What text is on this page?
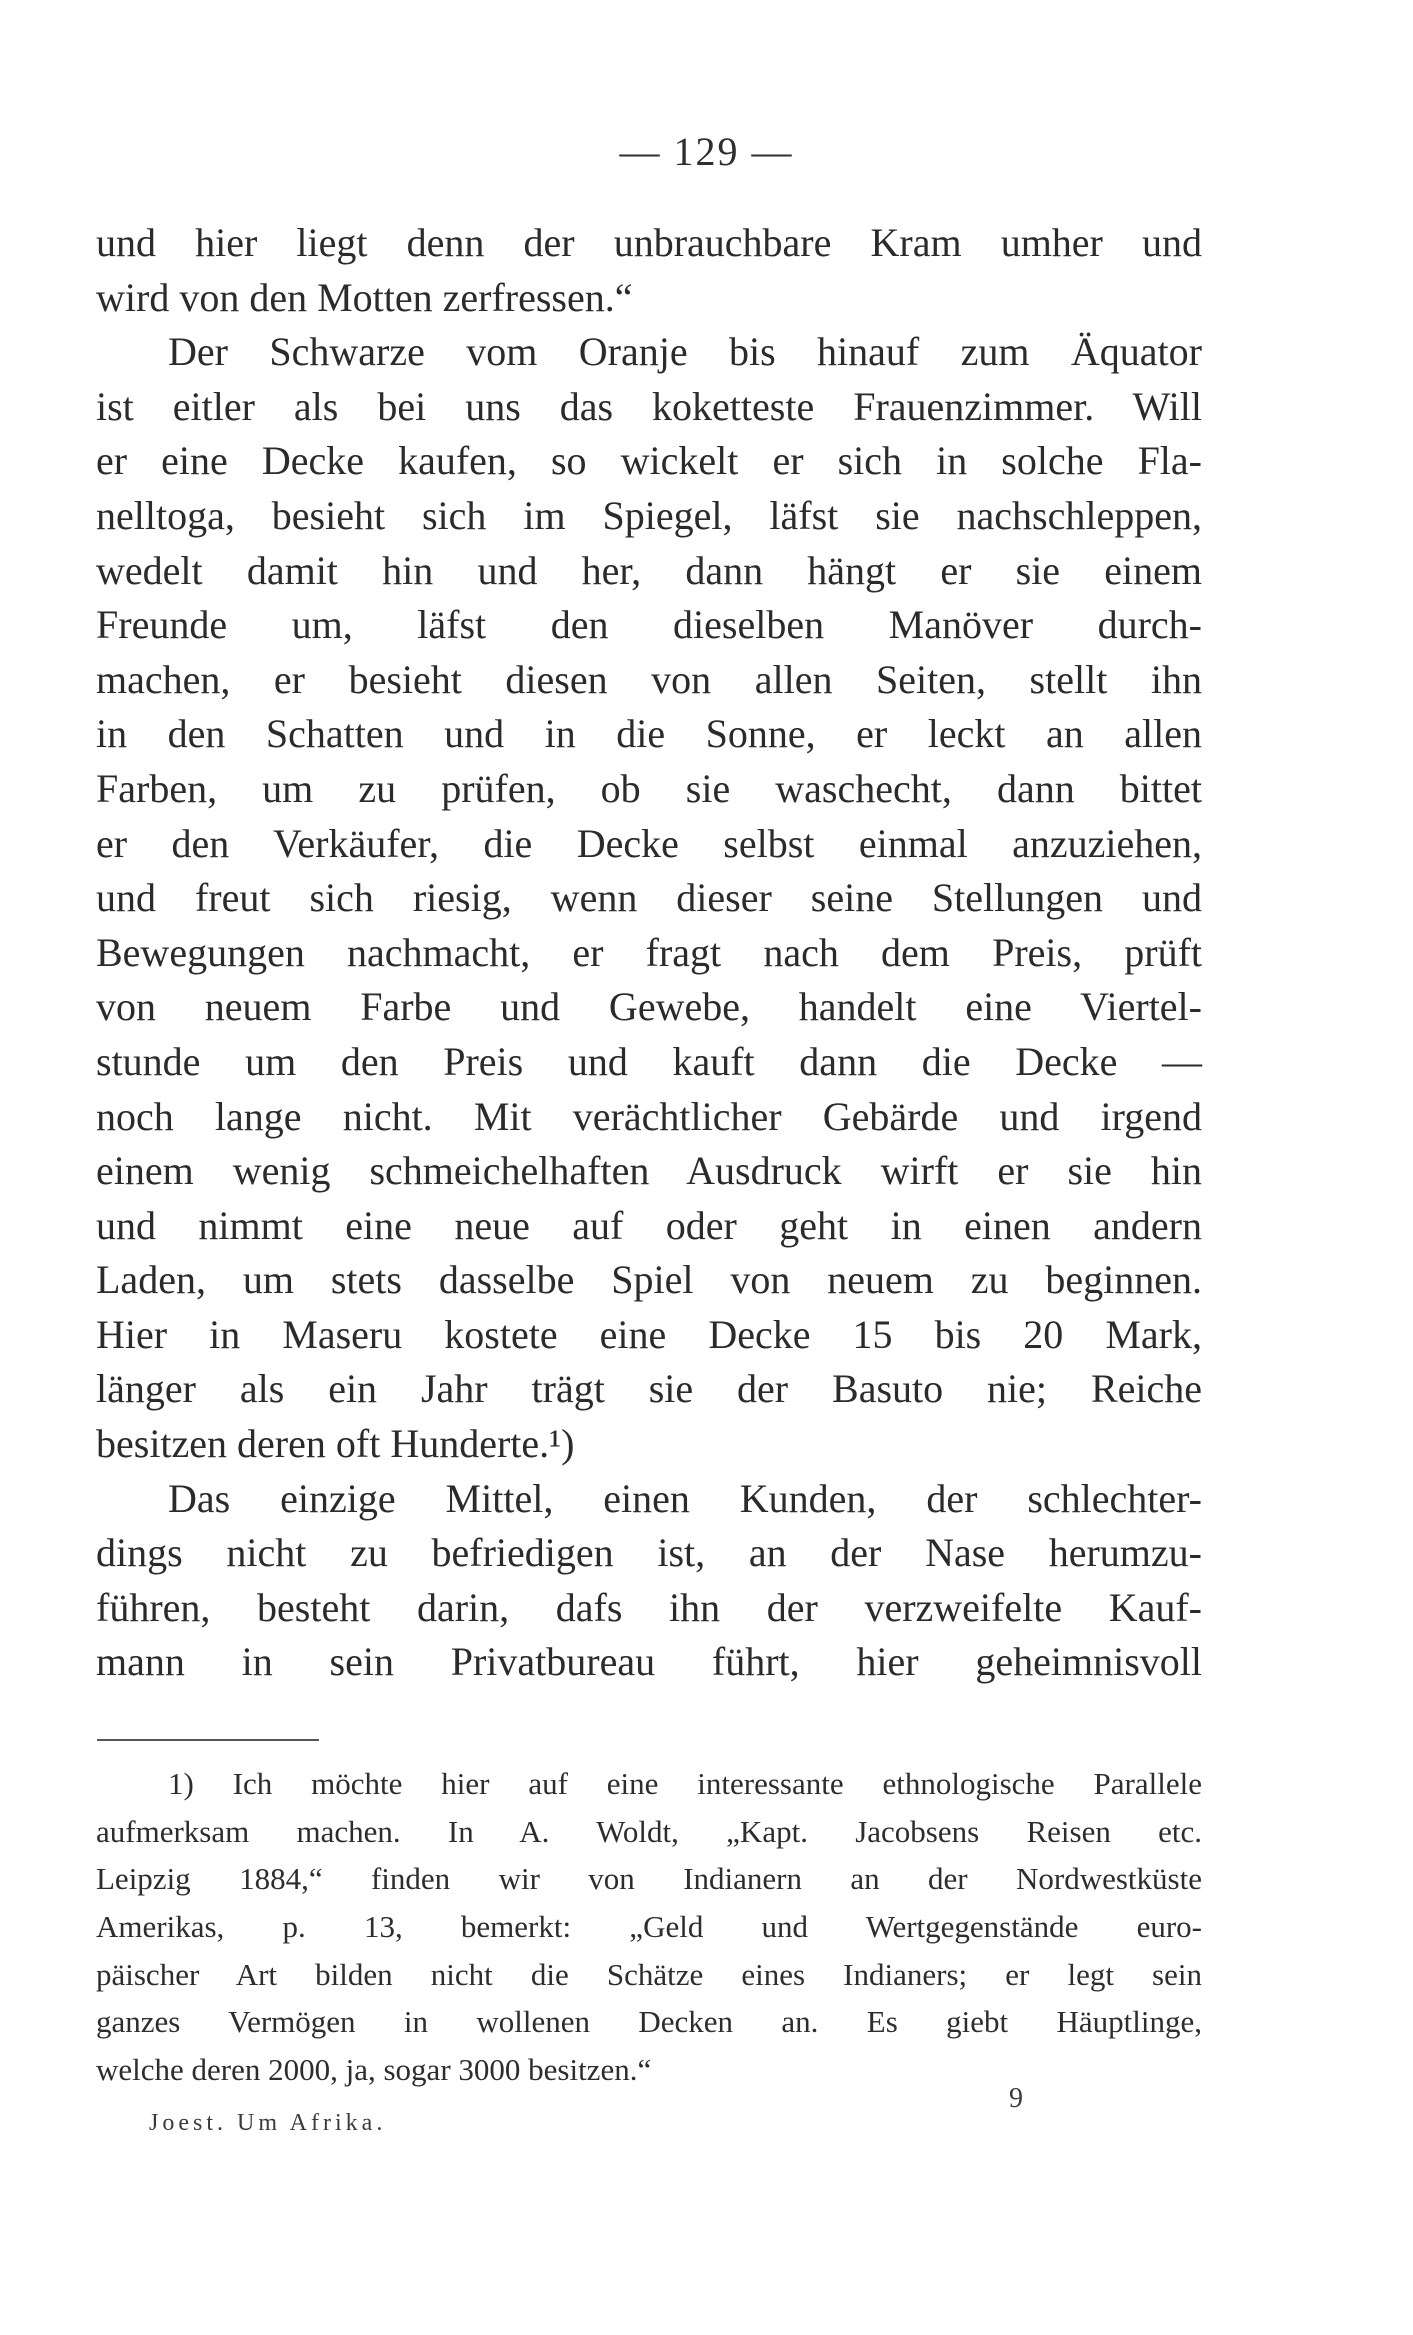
— 129 —
und hier liegt denn der unbrauchbare Kram umher und
wird von den Motten zerfressen.“
Der Schwarze vom Oranje bis hinauf zum Äquator
ist eitler als bei uns das koketteste Frauenzimmer. Will
er eine Decke kaufen, so wickelt er sich in solche Fla-
nelltoga, besieht sich im Spiegel, läfst sie nachschleppen,
wedelt damit hin und her, dann hängt er sie einem
Freunde um, läfst den dieselben Manöver durch-
machen, er besieht diesen von allen Seiten, stellt ihn
in den Schatten und in die Sonne, er leckt an allen
Farben, um zu prüfen, ob sie waschecht, dann bittet
er den Verkäufer, die Decke selbst einmal anzuziehen,
und freut sich riesig, wenn dieser seine Stellungen und
Bewegungen nachmacht, er fragt nach dem Preis, prüft
von neuem Farbe und Gewebe, handelt eine Viertel-
stunde um den Preis und kauft dann die Decke —
noch lange nicht. Mit verächtlicher Gebärde und irgend
einem wenig schmeichelhaften Ausdruck wirft er sie hin
und nimmt eine neue auf oder geht in einen andern
Laden, um stets dasselbe Spiel von neuem zu beginnen.
Hier in Maseru kostete eine Decke 15 bis 20 Mark,
länger als ein Jahr trägt sie der Basuto nie; Reiche
besitzen deren oft Hunderte.¹)
Das einzige Mittel, einen Kunden, der schlechter-
dings nicht zu befriedigen ist, an der Nase herumzu-
führen, besteht darin, dafs ihn der verzweifelte Kauf-
mann in sein Privatbureau führt, hier geheimnisvoll
1) Ich möchte hier auf eine interessante ethnologische Parallele
aufmerksam machen. In A. Woldt, „Kapt. Jacobsens Reisen etc.
Leipzig 1884,“ finden wir von Indianern an der Nordwestküste
Amerikas, p. 13, bemerkt: „Geld und Wertgegenstände euro-
päischer Art bilden nicht die Schätze eines Indianers; er legt sein
ganzes Vermögen in wollenen Decken an. Es giebt Häuptlinge,
welche deren 2000, ja, sogar 3000 besitzen.“
Joest. Um Afrika.
9
